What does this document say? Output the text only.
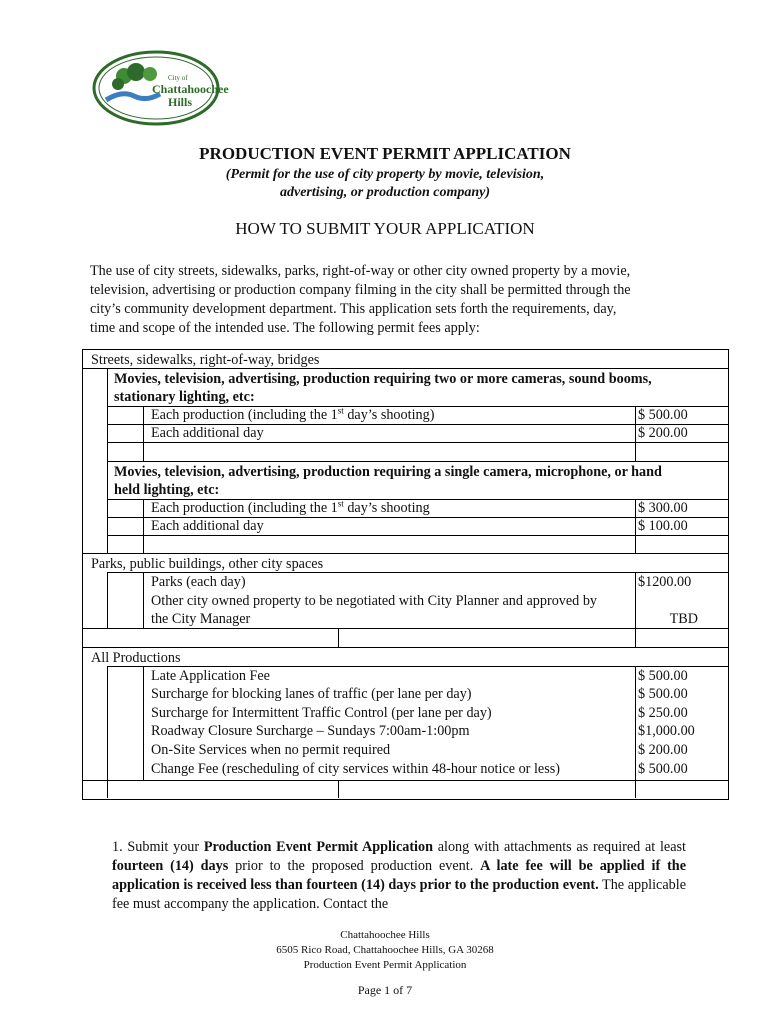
City of
Chattahoochee
Hills
PRODUCTION EVENT PERMIT APPLICATION
(Permit for the use of city property by movie, television,
advertising, or production company)
HOW TO SUBMIT YOUR APPLICATION
The use of city streets, sidewalks, parks, right-of-way or other city owned property by a movie,
television, advertising or production company filming in the city shall be permitted through the
city’s community development department. This application sets forth the requirements, day,
time and scope of the intended use. The following permit fees apply:
Streets, sidewalks, right-of-way, bridges
Movies, television, advertising, production requiring two or more cameras, sound booms,
stationary lighting, etc:
Each production (including the 1st day’s shooting)	$ 500.00
Each additional day	$ 200.00
Movies, television, advertising, production requiring a single camera, microphone, or hand
held lighting, etc:
Each production (including the 1st day’s shooting	$ 300.00
Each additional day	$ 100.00
Parks, public buildings, other city spaces
Parks (each day)	$1200.00
Other city owned property to be negotiated with City Planner and approved by
the City Manager	TBD
All Productions
Late Application Fee	$ 500.00
Surcharge for blocking lanes of traffic (per lane per day)	$ 500.00
Surcharge for Intermittent Traffic Control (per lane per day)	$ 250.00
Roadway Closure Surcharge – Sundays 7:00am-1:00pm	$1,000.00
On-Site Services when no permit required	$ 200.00
Change Fee (rescheduling of city services within 48-hour notice or less)	$ 500.00
1. Submit your Production Event Permit Application along with attachments as required at least fourteen (14) days prior to the proposed production event. A late fee will be applied if the application is received less than fourteen (14) days prior to the production event. The applicable fee must accompany the application. Contact the
Chattahoochee Hills
6505 Rico Road, Chattahoochee Hills, GA 30268
Production Event Permit Application
Page 1 of 7
